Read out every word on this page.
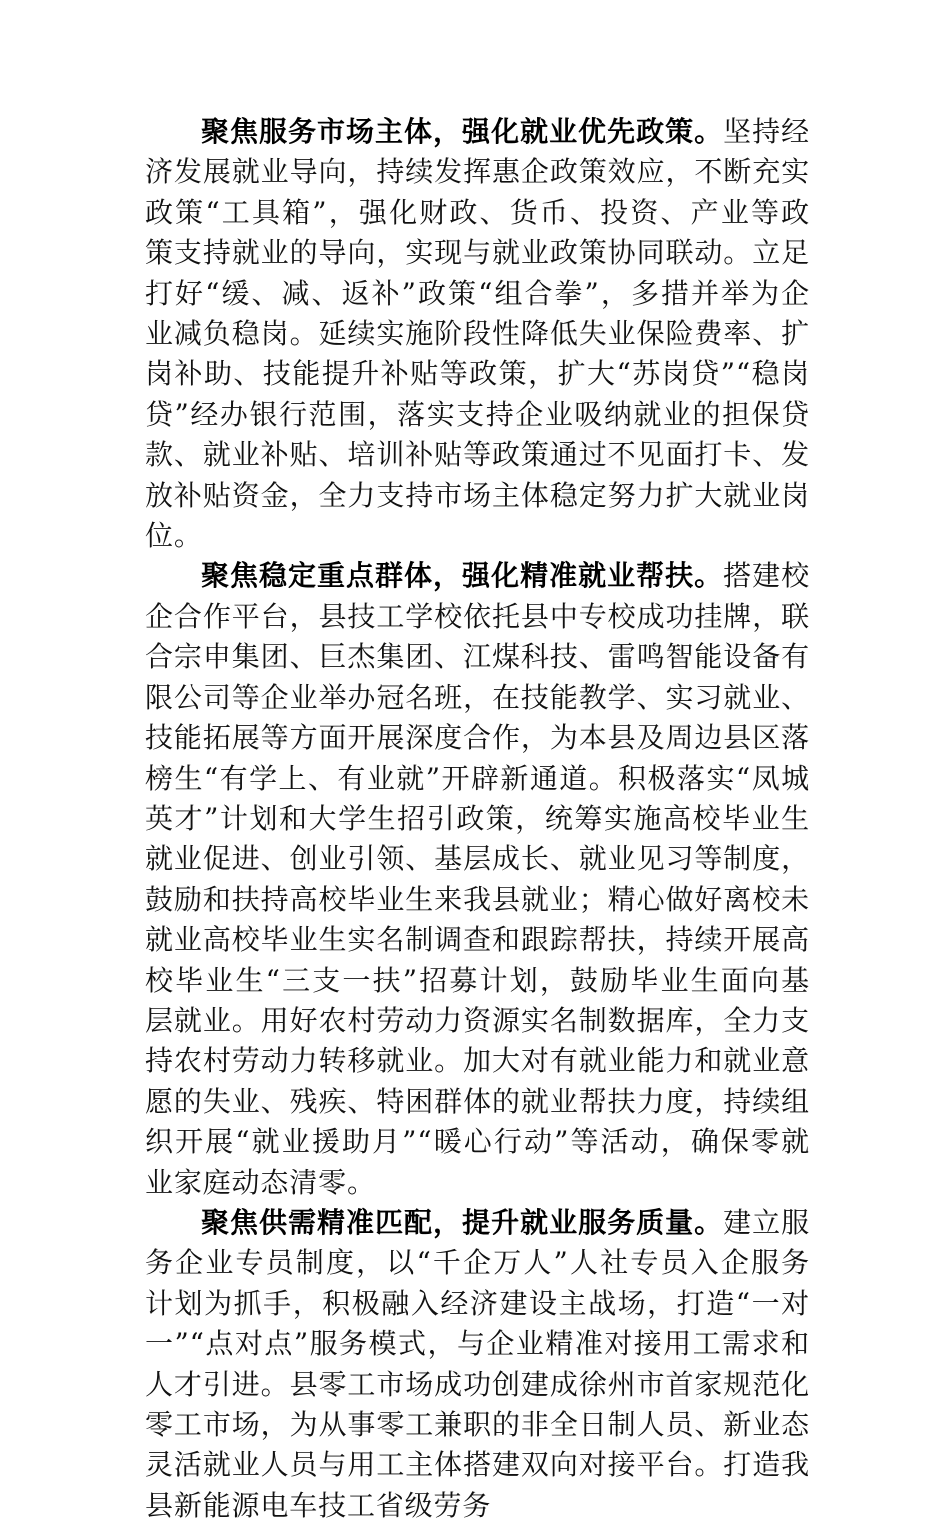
聚焦服务市场主体，强化就业优先政策。坚持经济发展就业导向，持续发挥惠企政策效应，不断充实政策“工具箱”，强化财政、货币、投资、产业等政策支持就业的导向，实现与就业政策协同联动。立足打好“缓、减、返补”政策“组合拳”，多措并举为企业减负稳岗。延续实施阶段性降低失业保险费率、扩岗补助、技能提升补贴等政策，扩大“苏岗贷”“稳岗贷”经办银行范围，落实支持企业吸纳就业的担保贷款、就业补贴、培训补贴等政策通过不见面打卡、发放补贴资金，全力支持市场主体稳定努力扩大就业岗位。

聚焦稳定重点群体，强化精准就业帮扶。搭建校企合作平台，县技工学校依托县中专校成功挂牌，联合宗申集团、巨杰集团、江煤科技、雷鸣智能设备有限公司等企业举办冠名班，在技能教学、实习就业、技能拓展等方面开展深度合作，为本县及周边县区落榜生“有学上、有业就”开辟新通道。积极落实“凤城英才”计划和大学生招引政策，统筹实施高校毕业生就业促进、创业引领、基层成长、就业见习等制度，鼓励和扶持高校毕业生来我县就业；精心做好离校未就业高校毕业生实名制调查和跟踪帮扶，持续开展高校毕业生“三支一扶”招募计划，鼓励毕业生面向基层就业。用好农村劳动力资源实名制数据库，全力支持农村劳动力转移就业。加大对有就业能力和就业意愿的失业、残疾、特困群体的就业帮扶力度，持续组织开展“就业援助月”“暖心行动”等活动，确保零就业家庭动态清零。

聚焦供需精准匹配，提升就业服务质量。建立服务企业专员制度，以“千企万人”人社专员入企服务计划为抓手，积极融入经济建设主战场，打造“一对一”“点对点”服务模式，与企业精准对接用工需求和人才引进。县零工市场成功创建成徐州市首家规范化零工市场，为从事零工兼职的非全日制人员、新业态灵活就业人员与用工主体搭建双向对接平台。打造我县新能源电车技工省级劳务
